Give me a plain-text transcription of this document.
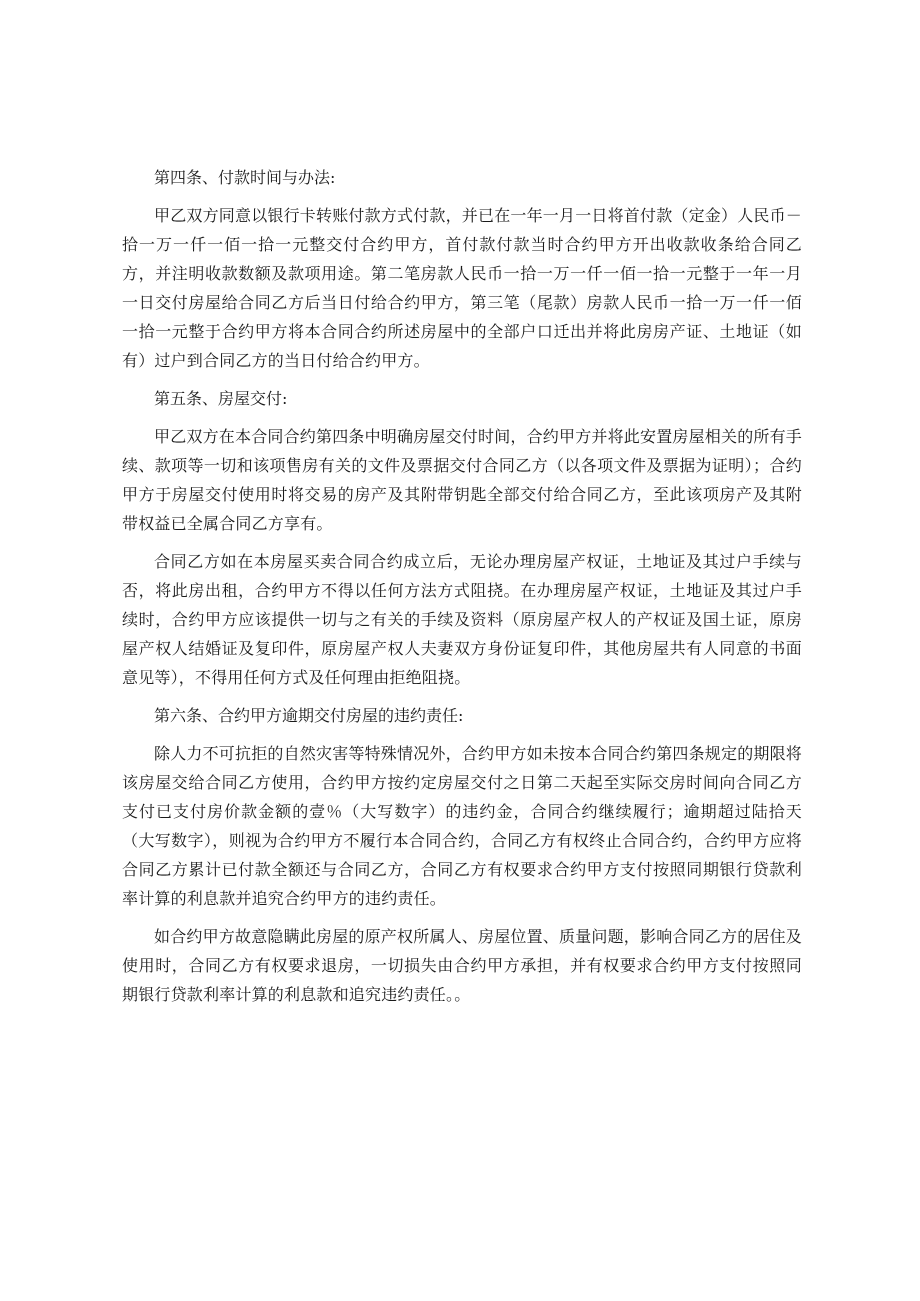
第四条、付款时间与办法:

甲乙双方同意以银行卡转账付款方式付款，并已在一年一月一日将首付款（定金）人民币－拾一万一仟一佰一拾一元整交付合约甲方，首付款付款当时合约甲方开出收款收条给合同乙方，并注明收款数额及款项用途。第二笔房款人民币一拾一万一仟一佰一拾一元整于一年一月一日交付房屋给合同乙方后当日付给合约甲方，第三笔（尾款）房款人民币一拾一万一仟一佰一拾一元整于合约甲方将本合同合约所述房屋中的全部户口迁出并将此房房产证、土地证（如有）过户到合同乙方的当日付给合约甲方。

第五条、房屋交付:

甲乙双方在本合同合约第四条中明确房屋交付时间，合约甲方并将此安置房屋相关的所有手续、款项等一切和该项售房有关的文件及票据交付合同乙方（以各项文件及票据为证明）；合约甲方于房屋交付使用时将交易的房产及其附带钥匙全部交付给合同乙方，至此该项房产及其附带权益已全属合同乙方享有。

合同乙方如在本房屋买卖合同合约成立后，无论办理房屋产权证，土地证及其过户手续与否，将此房出租，合约甲方不得以任何方法方式阻挠。在办理房屋产权证，土地证及其过户手续时，合约甲方应该提供一切与之有关的手续及资料（原房屋产权人的产权证及国土证，原房屋产权人结婚证及复印件，原房屋产权人夫妻双方身份证复印件，其他房屋共有人同意的书面意见等），不得用任何方式及任何理由拒绝阻挠。

第六条、合约甲方逾期交付房屋的违约责任:

除人力不可抗拒的自然灾害等特殊情况外，合约甲方如未按本合同合约第四条规定的期限将该房屋交给合同乙方使用，合约甲方按约定房屋交付之日第二天起至实际交房时间向合同乙方支付已支付房价款金额的壹％（大写数字）的违约金，合同合约继续履行；逾期超过陆拾天（大写数字），则视为合约甲方不履行本合同合约，合同乙方有权终止合同合约，合约甲方应将合同乙方累计已付款全额还与合同乙方，合同乙方有权要求合约甲方支付按照同期银行贷款利率计算的利息款并追究合约甲方的违约责任。

如合约甲方故意隐瞒此房屋的原产权所属人、房屋位置、质量问题，影响合同乙方的居住及使用时，合同乙方有权要求退房，一切损失由合约甲方承担，并有权要求合约甲方支付按照同期银行贷款利率计算的利息款和追究违约责任。。
